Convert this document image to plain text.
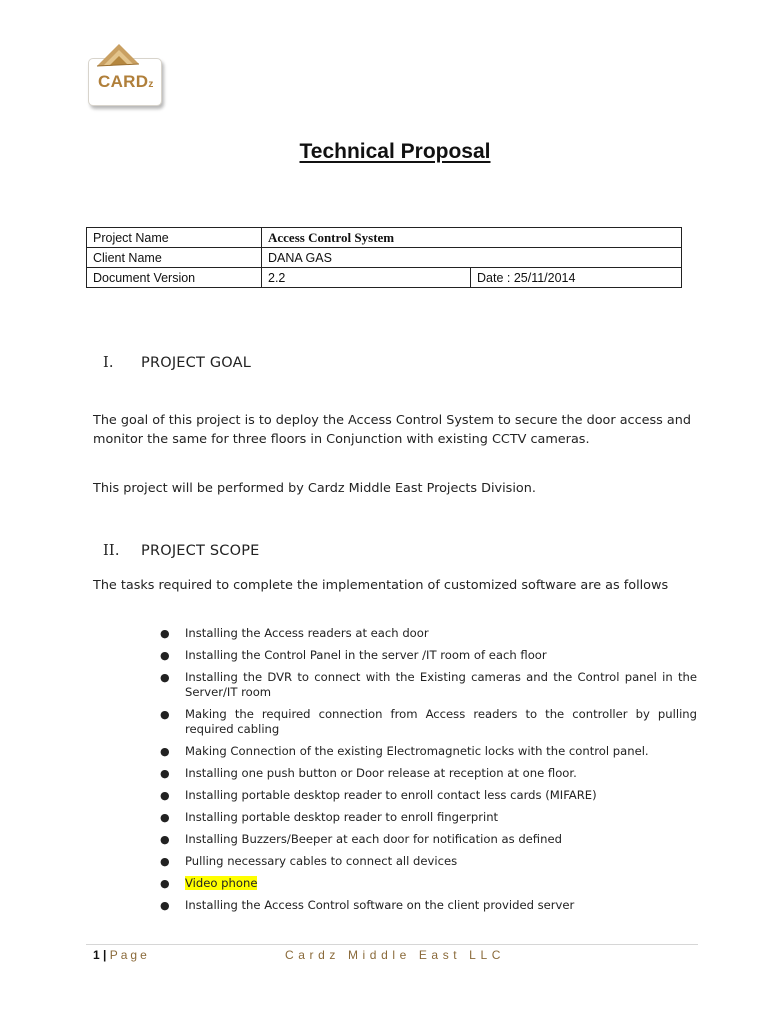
CARDz
Technical Proposal
Project Name	Access Control System	
Client Name	DANA GAS	
Document Version	2.2	Date : 25/11/2014
I. PROJECT GOAL
The goal of this project is to deploy the Access Control System to secure the door access and monitor the same for three floors in Conjunction with existing CCTV cameras.
This project will be performed by Cardz Middle East Projects Division.
II. PROJECT SCOPE
The tasks required to complete the implementation of customized software are as follows
● Installing the Access readers at each door
● Installing the Control Panel in the server /IT room of each floor
● Installing the DVR to connect with the Existing cameras and the Control panel in the Server/IT room
● Making the required connection from Access readers to the controller by pulling required cabling
● Making Connection of the existing Electromagnetic locks with the control panel.
● Installing one push button or Door release at reception at one floor.
● Installing portable desktop reader to enroll contact less cards (MIFARE)
● Installing portable desktop reader to enroll fingerprint
● Installing Buzzers/Beeper at each door for notification as defined
● Pulling necessary cables to connect all devices
● Video phone
● Installing the Access Control software on the client provided server
1 | Page	Cardz Middle East LLC
